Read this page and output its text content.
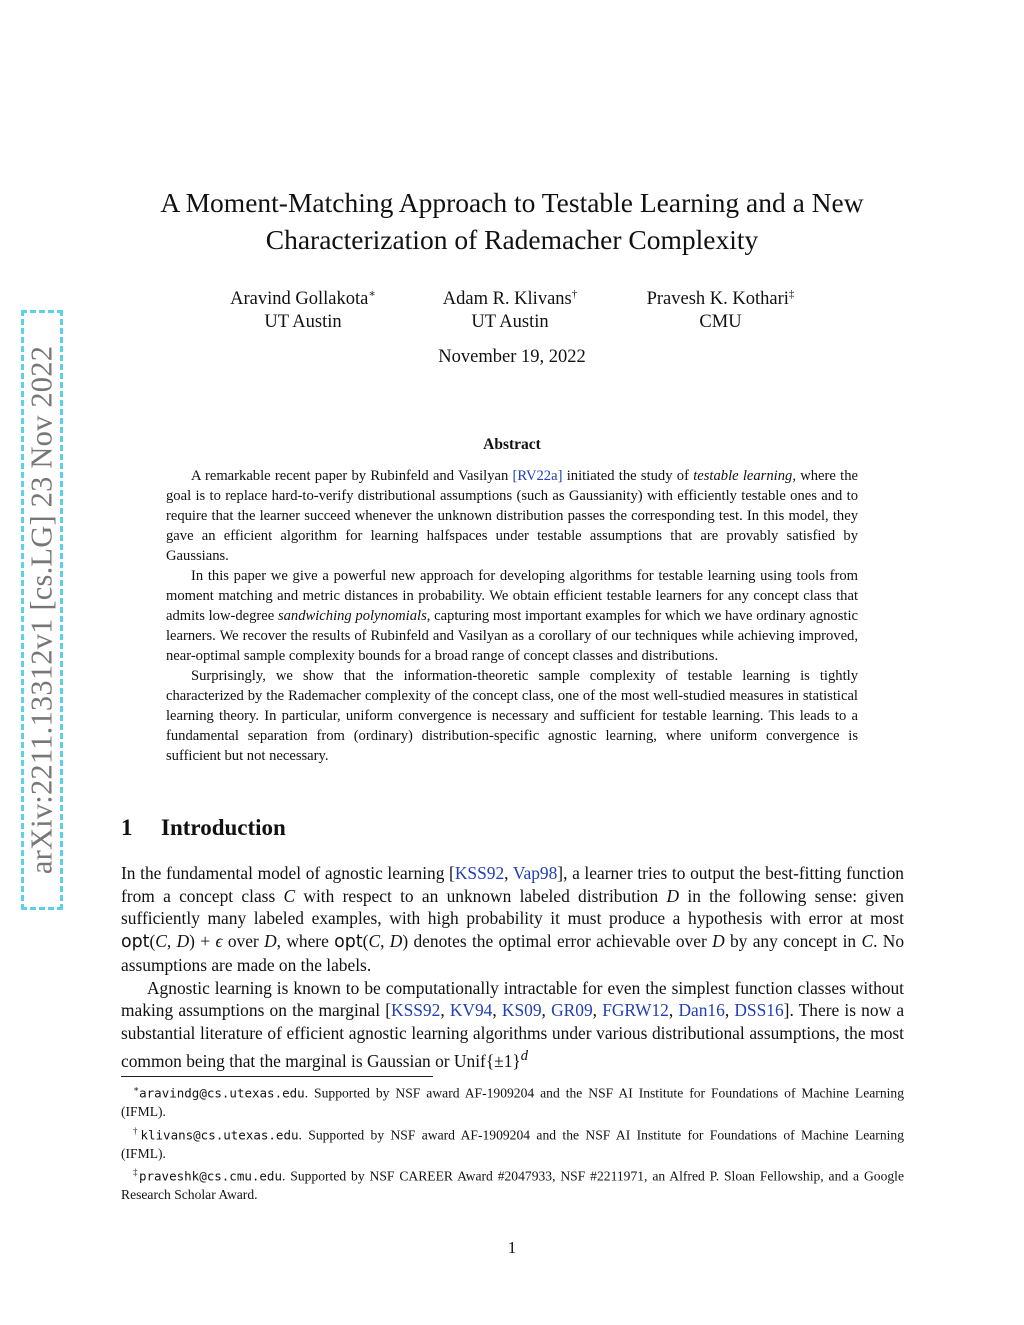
arXiv:2211.13312v1 [cs.LG] 23 Nov 2022
A Moment-Matching Approach to Testable Learning and a New
Characterization of Rademacher Complexity
Aravind Gollakota∗
UT Austin
Adam R. Klivans†
UT Austin
Pravesh K. Kothari‡
CMU
November 19, 2022
Abstract

A remarkable recent paper by Rubinfeld and Vasilyan [RV22a] initiated the study of testable learning, where the goal is to replace hard-to-verify distributional assumptions (such as Gaussianity) with efficiently testable ones and to require that the learner succeed whenever the unknown distribution passes the corresponding test. In this model, they gave an efficient algorithm for learning halfspaces under testable assumptions that are provably satisfied by Gaussians.

In this paper we give a powerful new approach for developing algorithms for testable learning using tools from moment matching and metric distances in probability. We obtain efficient testable learners for any concept class that admits low-degree sandwiching polynomials, capturing most important examples for which we have ordinary agnostic learners. We recover the results of Rubinfeld and Vasilyan as a corollary of our techniques while achieving improved, near-optimal sample complexity bounds for a broad range of concept classes and distributions.

Surprisingly, we show that the information-theoretic sample complexity of testable learning is tightly characterized by the Rademacher complexity of the concept class, one of the most well-studied measures in statistical learning theory. In particular, uniform convergence is necessary and sufficient for testable learning. This leads to a fundamental separation from (ordinary) distribution-specific agnostic learning, where uniform convergence is sufficient but not necessary.

1 Introduction

In the fundamental model of agnostic learning [KSS92, Vap98], a learner tries to output the best-fitting function from a concept class C with respect to an unknown labeled distribution D in the following sense: given sufficiently many labeled examples, with high probability it must produce a hypothesis with error at most opt(C, D) + ϵ over D, where opt(C, D) denotes the optimal error achievable over D by any concept in C. No assumptions are made on the labels.

Agnostic learning is known to be computationally intractable for even the simplest function classes without making assumptions on the marginal [KSS92, KV94, KS09, GR09, FGRW12, Dan16, DSS16]. There is now a substantial literature of efficient agnostic learning algorithms under various distributional assumptions, the most common being that the marginal is Gaussian or $Unif\{\pm 1\}^d$

∗aravindg@cs.utexas.edu. Supported by NSF award AF-1909204 and the NSF AI Institute for Foundations of Machine Learning (IFML).

†klivans@cs.utexas.edu. Supported by NSF award AF-1909204 and the NSF AI Institute for Foundations of Machine Learning (IFML).

‡praveshk@cs.cmu.edu. Supported by NSF CAREER Award #2047933, NSF #2211971, an Alfred P. Sloan Fellowship, and a Google Research Scholar Award.

1
